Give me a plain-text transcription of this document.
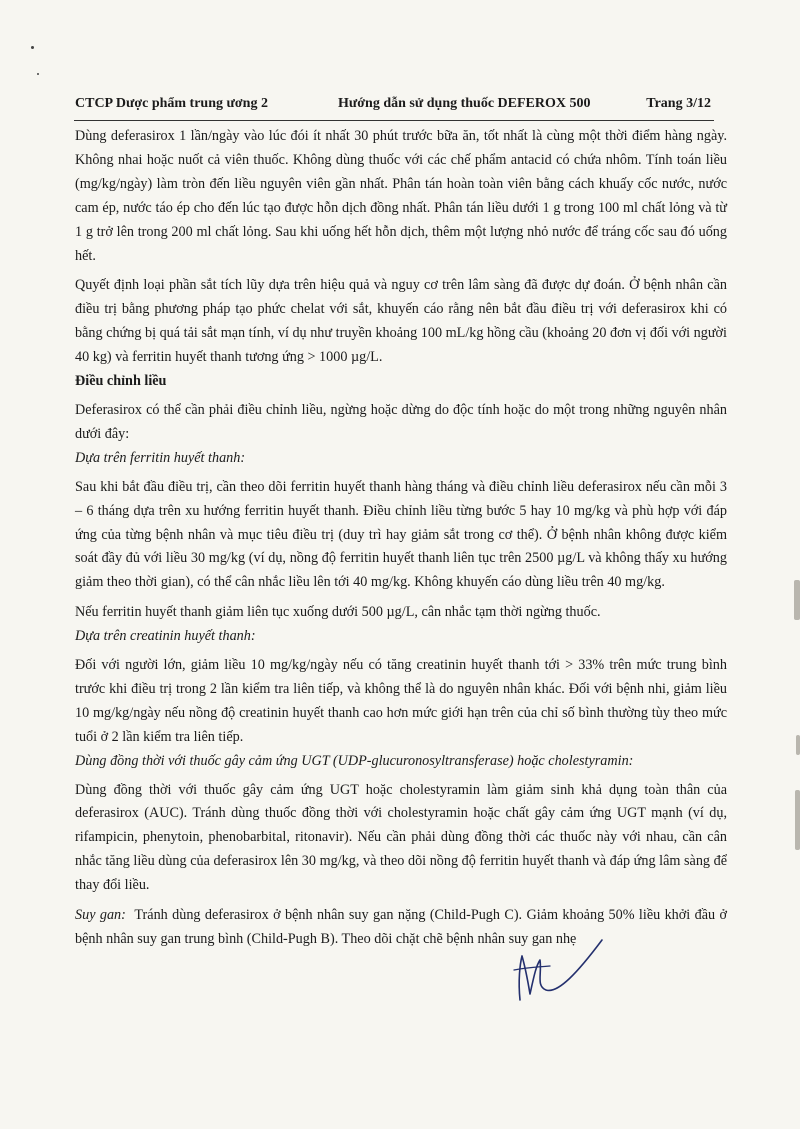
CTCP Dược phẩm trung ương 2	Hướng dẫn sử dụng thuốc DEFEROX 500	Trang 3/12

Dùng deferasirox 1 lần/ngày vào lúc đói ít nhất 30 phút trước bữa ăn, tốt nhất là cùng một thời điểm hàng ngày. Không nhai hoặc nuốt cả viên thuốc. Không dùng thuốc với các chế phẩm antacid có chứa nhôm. Tính toán liều (mg/kg/ngày) làm tròn đến liều nguyên viên gần nhất. Phân tán hoàn toàn viên bằng cách khuấy cốc nước, nước cam ép, nước táo ép cho đến lúc tạo được hỗn dịch đồng nhất. Phân tán liều dưới 1 g trong 100 ml chất lỏng và từ 1 g trở lên trong 200 ml chất lỏng. Sau khi uống hết hỗn dịch, thêm một lượng nhỏ nước để tráng cốc sau đó uống hết.

Quyết định loại phần sắt tích lũy dựa trên hiệu quả và nguy cơ trên lâm sàng đã được dự đoán. Ở bệnh nhân cần điều trị bằng phương pháp tạo phức chelat với sắt, khuyến cáo rằng nên bắt đầu điều trị với deferasirox khi có bằng chứng bị quá tải sắt mạn tính, ví dụ như truyền khoảng 100 mL/kg hồng cầu (khoảng 20 đơn vị đối với người 40 kg) và ferritin huyết thanh tương ứng > 1000 µg/L.

Điều chỉnh liều

Deferasirox có thể cần phải điều chỉnh liều, ngừng hoặc dừng do độc tính hoặc do một trong những nguyên nhân dưới đây:

Dựa trên ferritin huyết thanh:

Sau khi bắt đầu điều trị, cần theo dõi ferritin huyết thanh hàng tháng và điều chỉnh liều deferasirox nếu cần mỗi 3 – 6 tháng dựa trên xu hướng ferritin huyết thanh. Điều chỉnh liều từng bước 5 hay 10 mg/kg và phù hợp với đáp ứng của từng bệnh nhân và mục tiêu điều trị (duy trì hay giảm sắt trong cơ thể). Ở bệnh nhân không được kiểm soát đầy đủ với liều 30 mg/kg (ví dụ, nồng độ ferritin huyết thanh liên tục trên 2500 µg/L và không thấy xu hướng giảm theo thời gian), có thể cân nhắc liều lên tới 40 mg/kg. Không khuyến cáo dùng liều trên 40 mg/kg.

Nếu ferritin huyết thanh giảm liên tục xuống dưới 500 µg/L, cân nhắc tạm thời ngừng thuốc.

Dựa trên creatinin huyết thanh:

Đối với người lớn, giảm liều 10 mg/kg/ngày nếu có tăng creatinin huyết thanh tới > 33% trên mức trung bình trước khi điều trị trong 2 lần kiểm tra liên tiếp, và không thể là do nguyên nhân khác. Đối với bệnh nhi, giảm liều 10 mg/kg/ngày nếu nồng độ creatinin huyết thanh cao hơn mức giới hạn trên của chỉ số bình thường tùy theo mức tuổi ở 2 lần kiểm tra liên tiếp.

Dùng đồng thời với thuốc gây cảm ứng UGT (UDP-glucuronosyltransferase) hoặc cholestyramin:

Dùng đồng thời với thuốc gây cảm ứng UGT hoặc cholestyramin làm giảm sinh khả dụng toàn thân của deferasirox (AUC). Tránh dùng thuốc đồng thời với cholestyramin hoặc chất gây cảm ứng UGT mạnh (ví dụ, rifampicin, phenytoin, phenobarbital, ritonavir). Nếu cần phải dùng đồng thời các thuốc này với nhau, cần cân nhắc tăng liều dùng của deferasirox lên 30 mg/kg, và theo dõi nồng độ ferritin huyết thanh và đáp ứng lâm sàng để thay đổi liều.

Suy gan: Tránh dùng deferasirox ở bệnh nhân suy gan nặng (Child-Pugh C). Giảm khoảng 50% liều khởi đầu ở bệnh nhân suy gan trung bình (Child-Pugh B). Theo dõi chặt chẽ bệnh nhân suy gan nhẹ
